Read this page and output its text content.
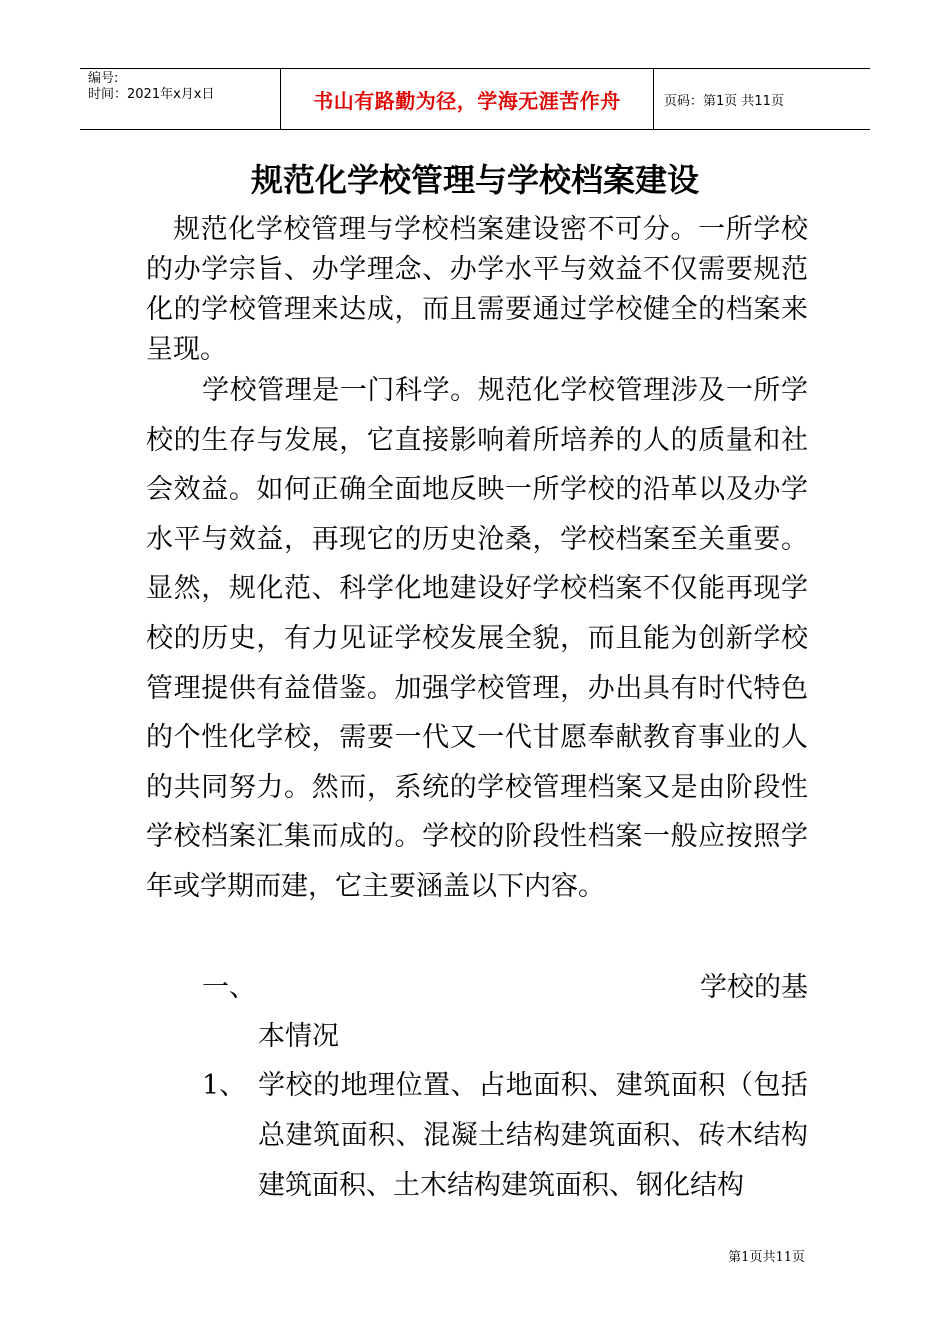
编号:
时间：2021年x月x日	书山有路勤为径，学海无涯苦作舟	页码：第1页 共11页
规范化学校管理与学校档案建设
规范化学校管理与学校档案建设密不可分。一所学校的办学宗旨、办学理念、办学水平与效益不仅需要规范化的学校管理来达成，而且需要通过学校健全的档案来呈现。
学校管理是一门科学。规范化学校管理涉及一所学校的生存与发展，它直接影响着所培养的人的质量和社会效益。如何正确全面地反映一所学校的沿革以及办学水平与效益，再现它的历史沧桑，学校档案至关重要。显然，规化范、科学化地建设好学校档案不仅能再现学校的历史，有力见证学校发展全貌，而且能为创新学校管理提供有益借鉴。加强学校管理，办出具有时代特色的个性化学校，需要一代又一代甘愿奉献教育事业的人的共同努力。然而，系统的学校管理档案又是由阶段性学校档案汇集而成的。学校的阶段性档案一般应按照学年或学期而建，它主要涵盖以下内容。
一、	学校的基
本情况
1、 学校的地理位置、占地面积、建筑面积（包括总建筑面积、混凝土结构建筑面积、砖木结构建筑面积、土木结构建筑面积、钢化结构
第1页共11页
